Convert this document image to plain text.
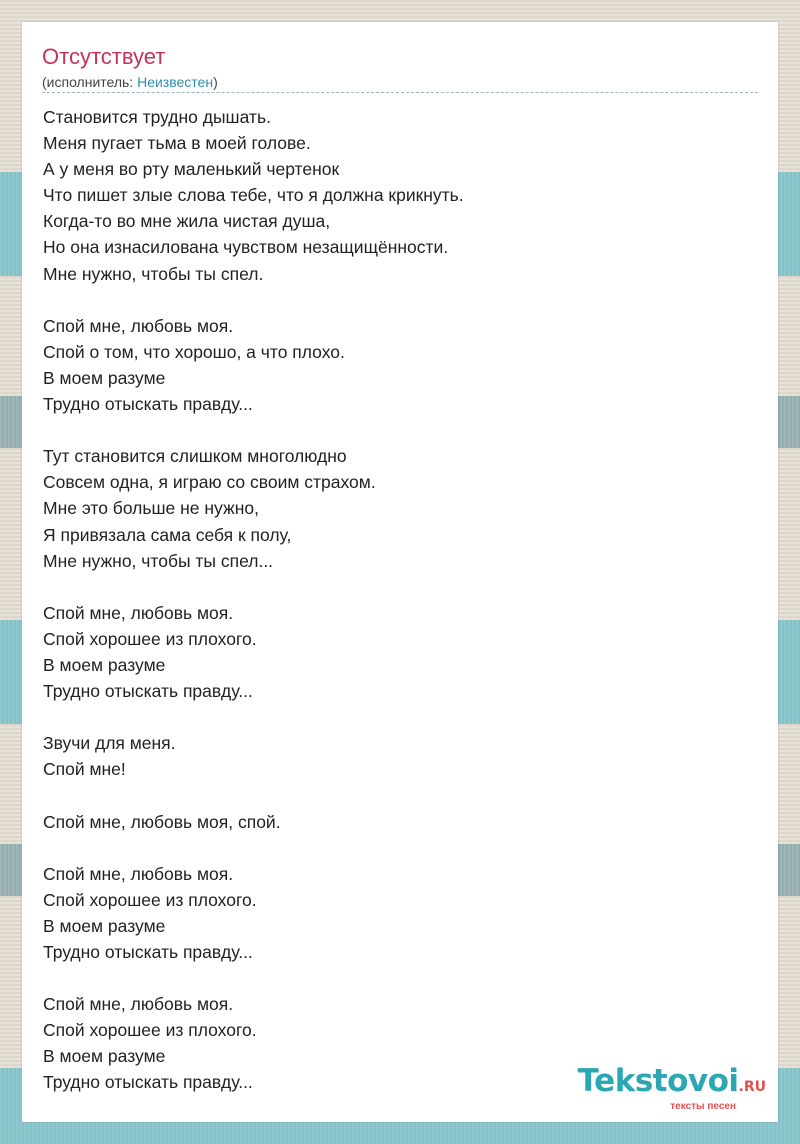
Отсутствует
(исполнитель: Неизвестен)
Становится трудно дышать.
Меня пугает тьма в моей голове.
А у меня во рту маленький чертенок
Что пишет злые слова тебе, что я должна крикнуть.
Когда-то во мне жила чистая душа,
Но она изнасилована чувством незащищённости.
Мне нужно, чтобы ты спел.
Спой мне, любовь моя.
Спой о том, что хорошо, а что плохо.
В моем разуме
Трудно отыскать правду...
Тут становится слишком многолюдно
Совсем одна, я играю со своим страхом.
Мне это больше не нужно,
Я привязала сама себя к полу,
Мне нужно, чтобы ты спел...
Спой мне, любовь моя.
Спой хорошее из плохого.
В моем разуме
Трудно отыскать правду...
Звучи для меня.
Спой мне!
Спой мне, любовь моя, спой.
Спой мне, любовь моя.
Спой хорошее из плохого.
В моем разуме
Трудно отыскать правду...
Спой мне, любовь моя.
Спой хорошее из плохого.
В моем разуме
Трудно отыскать правду...	Tekstovoi.RU
тексты песен
